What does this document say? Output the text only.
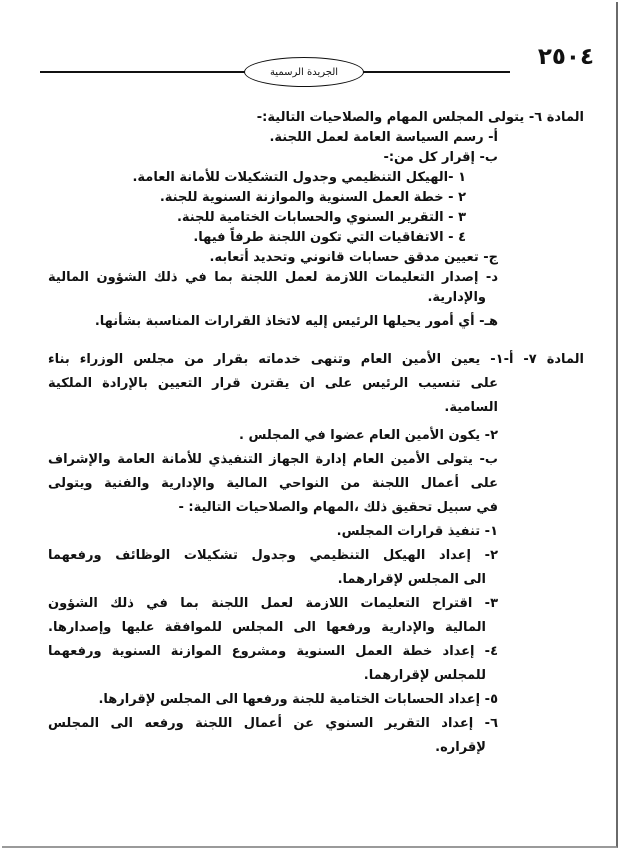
٢٥٠٤
الجريدة الرسمية
المادة ٦- يتولى المجلس المهام والصلاحيات التالية:-
أ- رسم السياسة العامة لعمل اللجنة.
ب- إقرار كل من:-
١ -الهيكل التنظيمي وجدول التشكيلات للأمانة العامة.
٢ - خطة العمل السنوية والموازنة السنوية للجنة.
٣ - التقرير السنوي والحسابات الختامية للجنة.
٤ - الاتفاقيات التي تكون اللجنة طرفاً فيها.
ج- تعيين مدقق حسابات قانوني وتحديد أتعابه.
د- إصدار التعليمات اللازمة لعمل اللجنة بما في ذلك الشؤون المالية
والإدارية.
هـ- أي أمور يحيلها الرئيس إليه لاتخاذ القرارات المناسبة بشأنها.
المادة ٧- أ-١- يعين الأمين العام وتنهى خدماته بقرار من مجلس الوزراء بناء
على تنسيب الرئيس على ان يقترن قرار التعيين بالإرادة الملكية
السامية.
٢- يكون الأمين العام عضوا في المجلس .
ب- يتولى الأمين العام إدارة الجهاز التنفيذي للأمانة العامة والإشراف
على أعمال اللجنة من النواحي المالية والإدارية والفنية ويتولى
في سبيل تحقيق ذلك ،المهام والصلاحيات التالية: -
١- تنفيذ قرارات المجلس.
٢- إعداد الهيكل التنظيمي وجدول تشكيلات الوظائف ورفعهما
الى المجلس لإقرارهما.
٣- اقتراح التعليمات اللازمة لعمل اللجنة بما في ذلك الشؤون
المالية والإدارية ورفعها الى المجلس للموافقة عليها وإصدارها.
٤- إعداد خطة العمل السنوية ومشروع الموازنة السنوية ورفعهما
للمجلس لإقرارهما.
٥- إعداد الحسابات الختامية للجنة ورفعها الى المجلس لإقرارها.
٦- إعداد التقرير السنوي عن أعمال اللجنة ورفعه الى المجلس
لإقراره.
